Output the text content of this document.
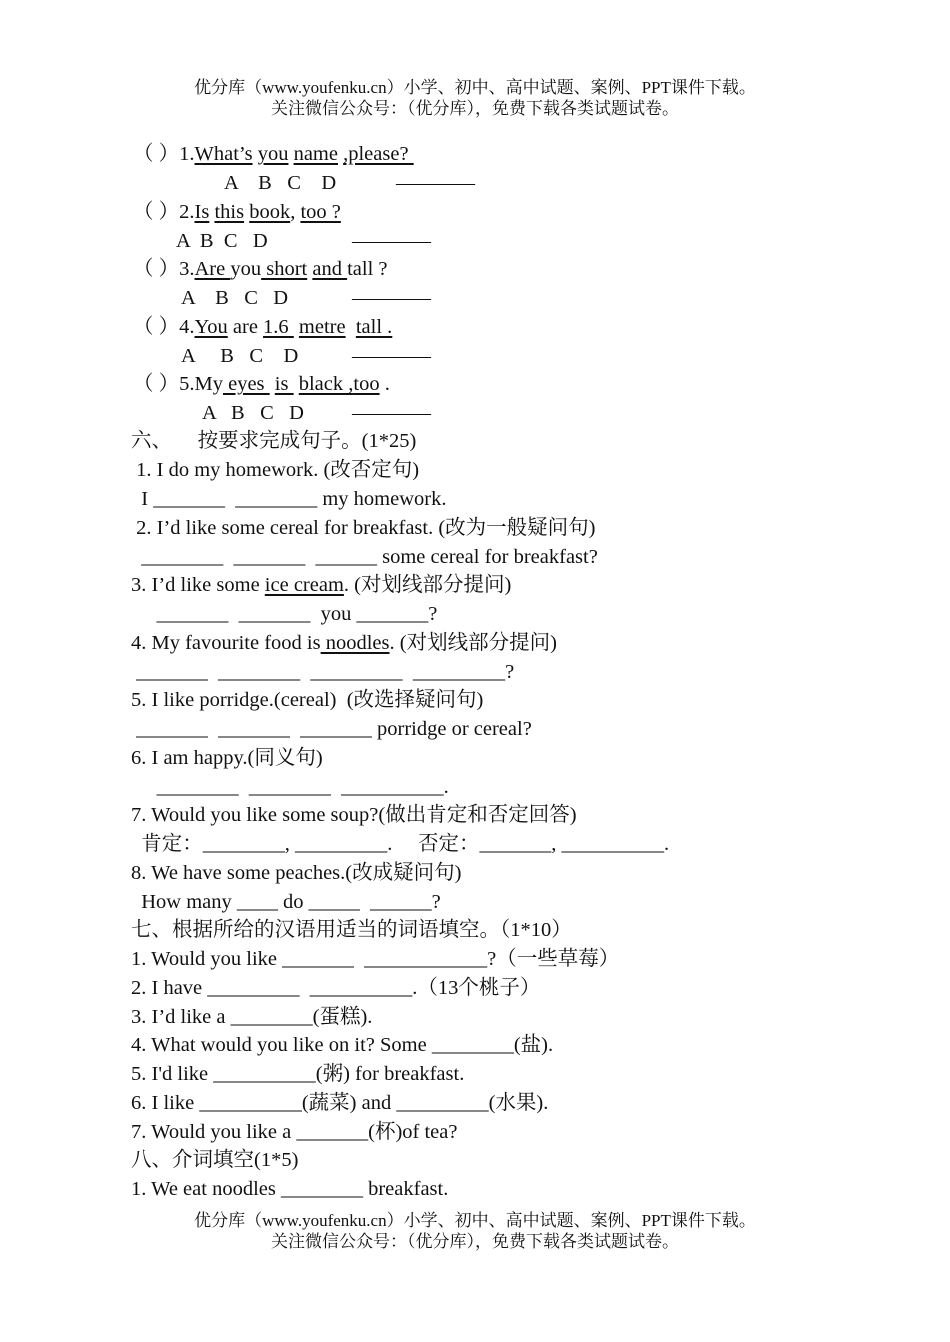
优分库（www.youfenku.cn）小学、初中、高中试题、案例、PPT课件下载。
关注微信公众号：（优分库），免费下载各类试题试卷。
（ ）1.What’s you name ,please?
A    B   C    D	————
（ ）2.Is this book, too ?
A  B  C   D	————
（ ）3.Are you short and tall ?
A    B   C   D	————
（ ）4.You are 1.6  metre tall .
A     B   C    D	————
（ ）5.My eyes  is  black ,too .
A   B   C   D ————
六、     按要求完成句子。(1*25)
1. I do my homework. (改否定句)
I _______  ________ my homework.
2. I’d like some cereal for breakfast. (改为一般疑问句)
________  _______  ______ some cereal for breakfast?
3. I’d like some ice cream. (对划线部分提问)
_______  _______  you _______?
4. My favourite food is noodles. (对划线部分提问)
_______  ________  _________  _________?
5. I like porridge.(cereal)  (改选择疑问句)
_______  _______  _______ porridge or cereal?
6. I am happy.(同义句)
________  ________  __________.
7. Would you like some soup?(做出肯定和否定回答)
肯定：________, _________.     否定：_______, __________.
8. We have some peaches.(改成疑问句)
How many ____ do _____  ______?
七、根据所给的汉语用适当的词语填空。（1*10）
1. Would you like _______  ____________?（一些草莓）
2. I have _________  __________.（13个桃子）
3. I’d like a ________(蛋糕).
4. What would you like on it? Some ________(盐).
5. I'd like __________(粥) for breakfast.
6. I like __________(蔬菜) and _________(水果).
7. Would you like a _______(杯)of tea?
八、介词填空(1*5)
1. We eat noodles ________ breakfast.
优分库（www.youfenku.cn）小学、初中、高中试题、案例、PPT课件下载。
关注微信公众号：（优分库），免费下载各类试题试卷。
